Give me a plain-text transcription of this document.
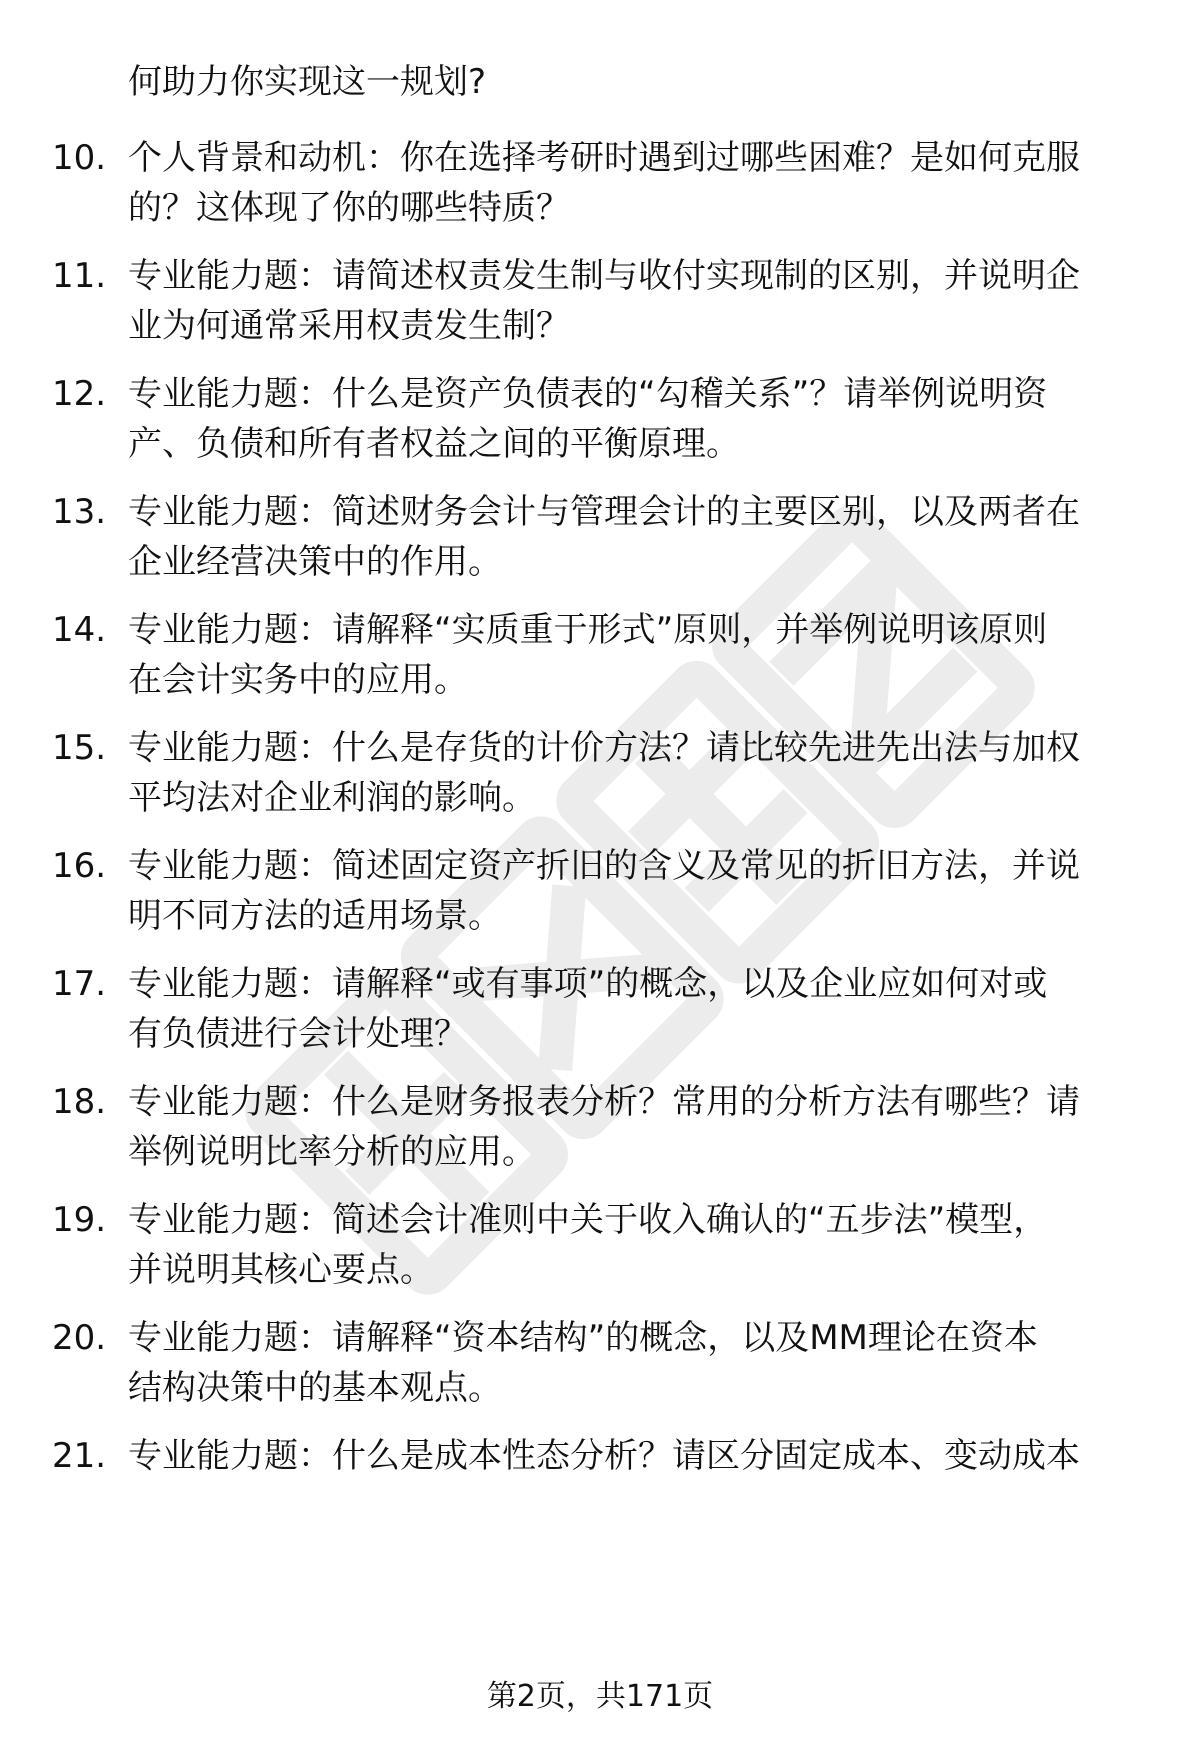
何助力你实现这一规划?
10. 个人背景和动机：你在选择考研时遇到过哪些困难？是如何克服
的？这体现了你的哪些特质？
11. 专业能力题：请简述权责发生制与收付实现制的区别，并说明企
业为何通常采用权责发生制？
12. 专业能力题：什么是资产负债表的“勾稽关系”？请举例说明资
产、负债和所有者权益之间的平衡原理。
13. 专业能力题：简述财务会计与管理会计的主要区别，以及两者在
企业经营决策中的作用。
14. 专业能力题：请解释“实质重于形式”原则，并举例说明该原则
在会计实务中的应用。
15. 专业能力题：什么是存货的计价方法？请比较先进先出法与加权
平均法对企业利润的影响。
16. 专业能力题：简述固定资产折旧的含义及常见的折旧方法，并说
明不同方法的适用场景。
17. 专业能力题：请解释“或有事项”的概念，以及企业应如何对或
有负债进行会计处理？
18. 专业能力题：什么是财务报表分析？常用的分析方法有哪些？请
举例说明比率分析的应用。
19. 专业能力题：简述会计准则中关于收入确认的“五步法”模型，
并说明其核心要点。
20. 专业能力题：请解释“资本结构”的概念，以及MM理论在资本
结构决策中的基本观点。
21. 专业能力题：什么是成本性态分析？请区分固定成本、变动成本
第2页，共171页
